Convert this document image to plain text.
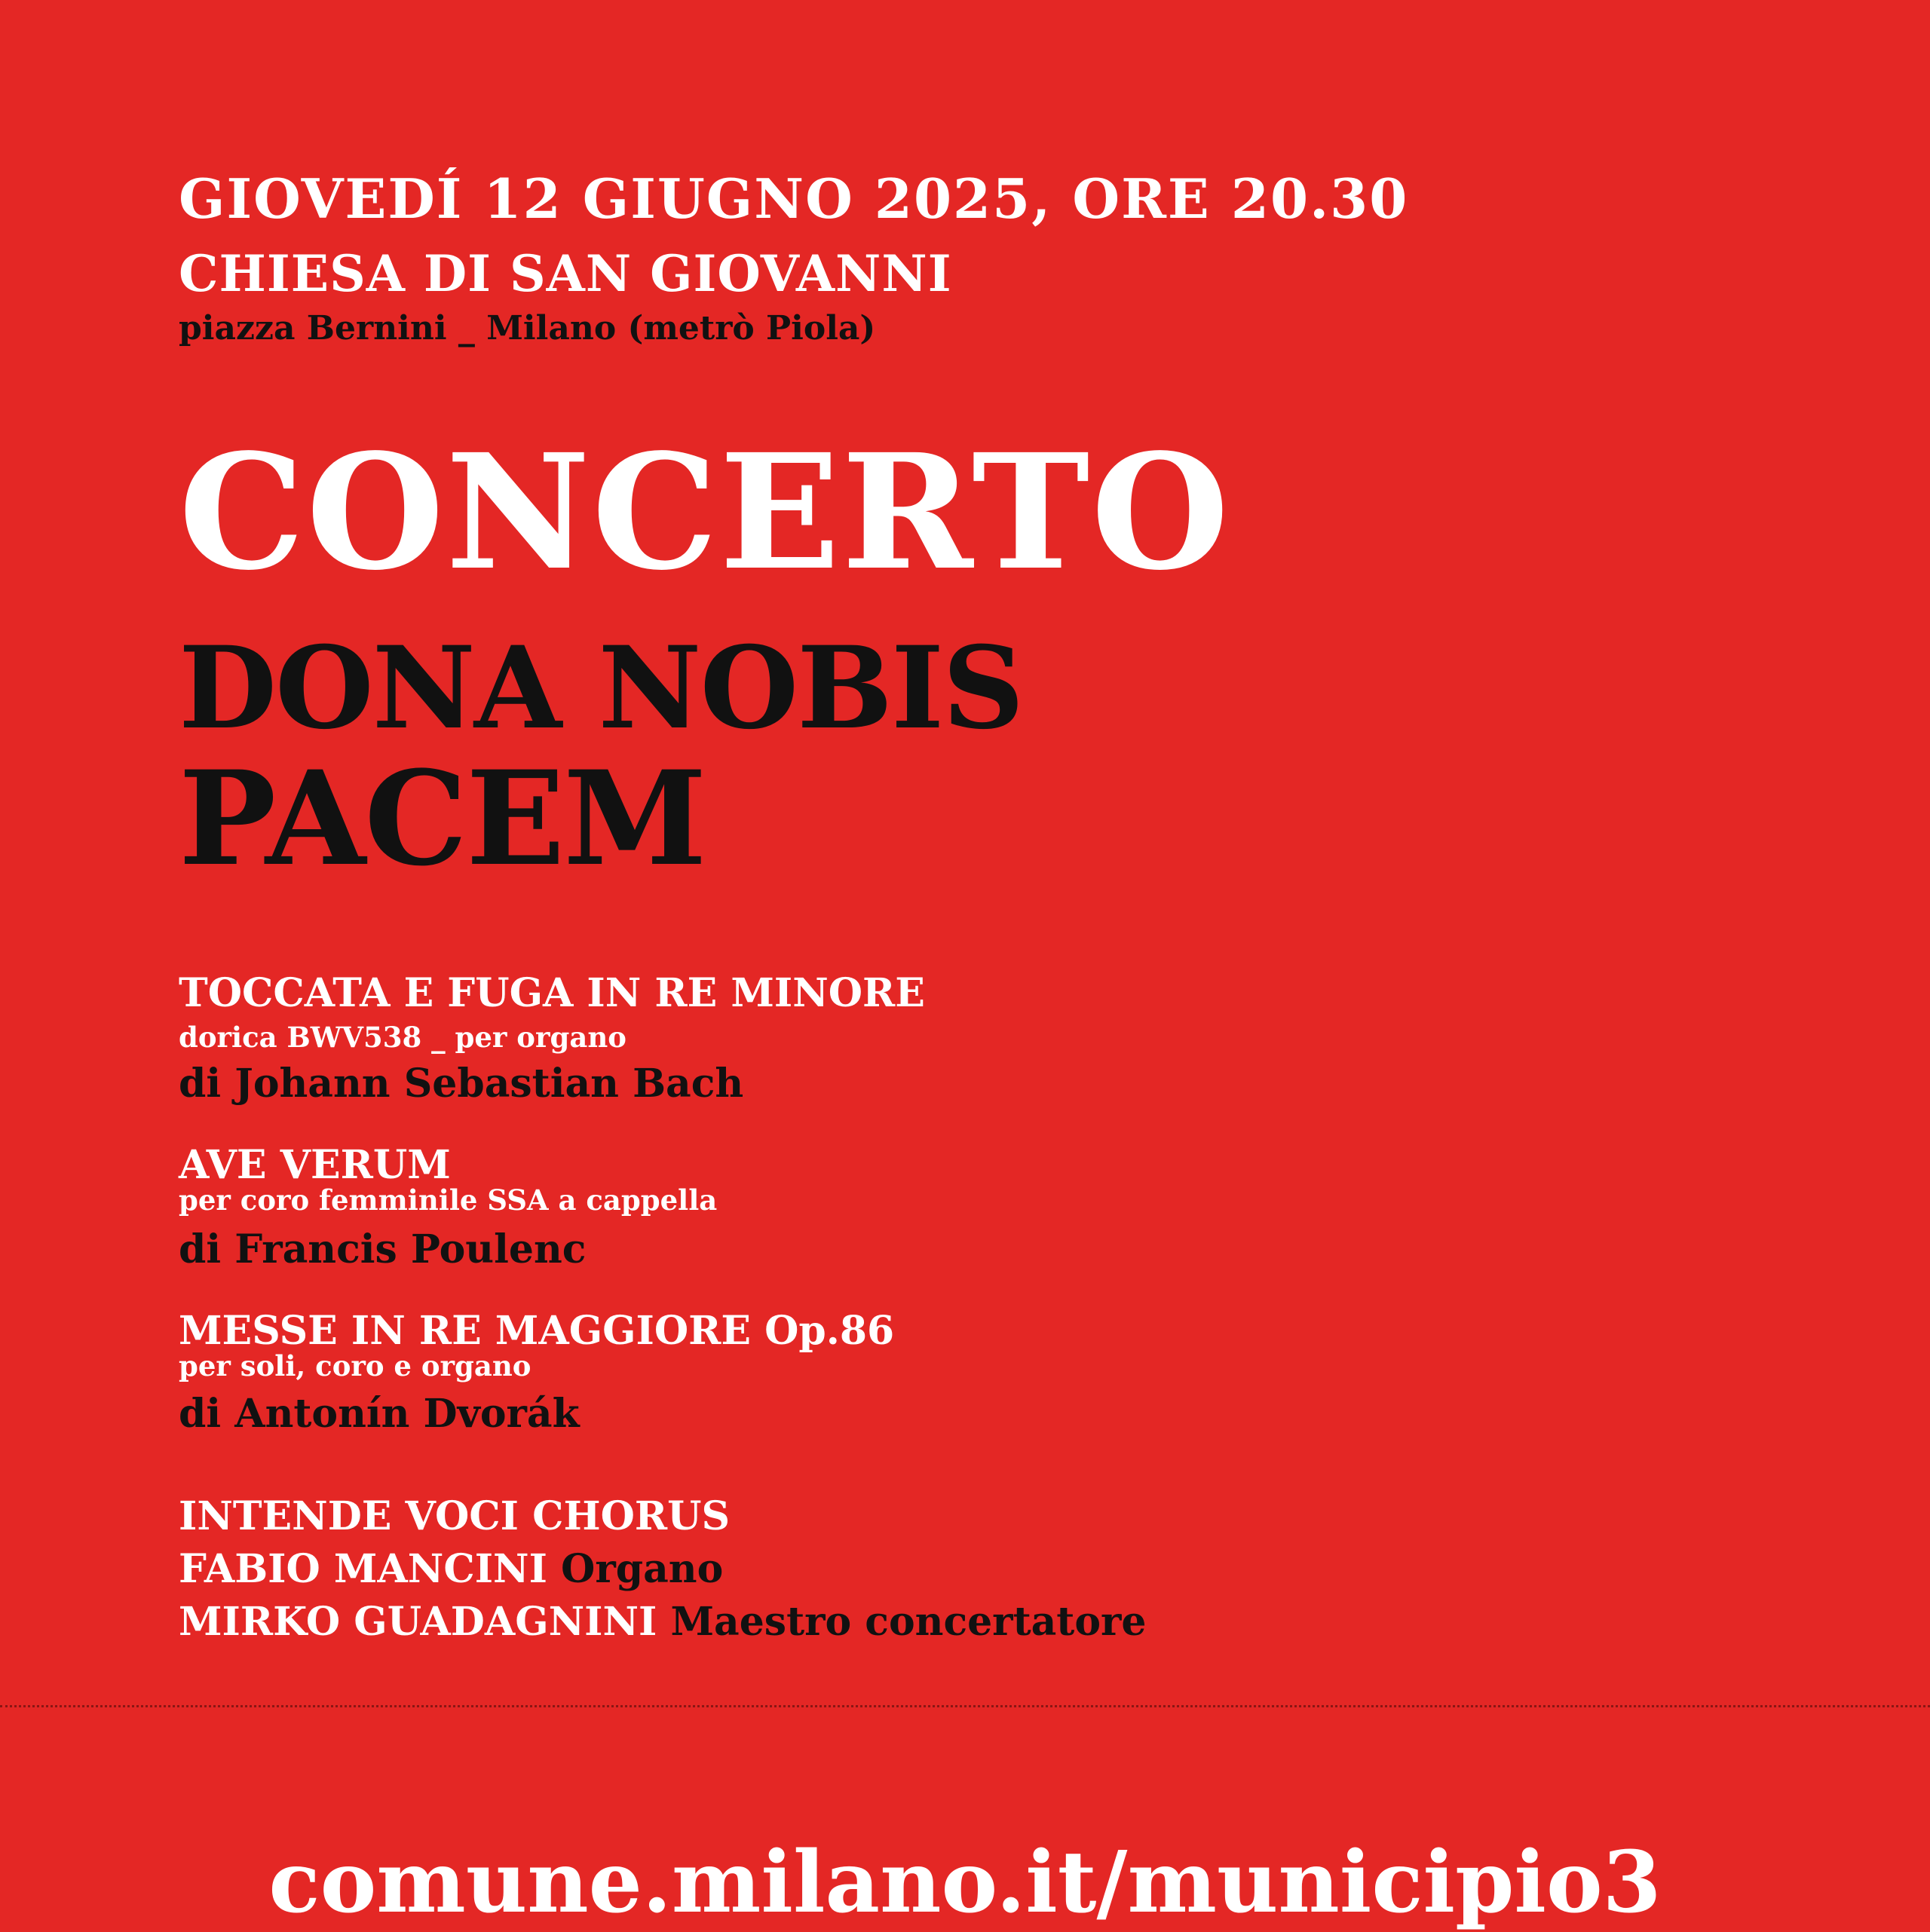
GIOVEDÍ 12 GIUGNO 2025, ORE 20.30

CHIESA DI SAN GIOVANNI

piazza Bernini _ Milano (metrò Piola)

CONCERTO
DONA NOBIS
PACEM

TOCCATA E FUGA IN RE MINORE

dorica BWV538 _ per organo

di Johann Sebastian Bach

AVE VERUM

per coro femminile SSA a cappella

di Francis Poulenc

MESSE IN RE MAGGIORE Op.86

per soli, coro e organo

di Antonín Dvorák

INTENDE VOCI CHORUS

FABIO MANCINI Organo

MIRKO GUADAGNINI Maestro concertatore

comune.milano.it/municipio3
